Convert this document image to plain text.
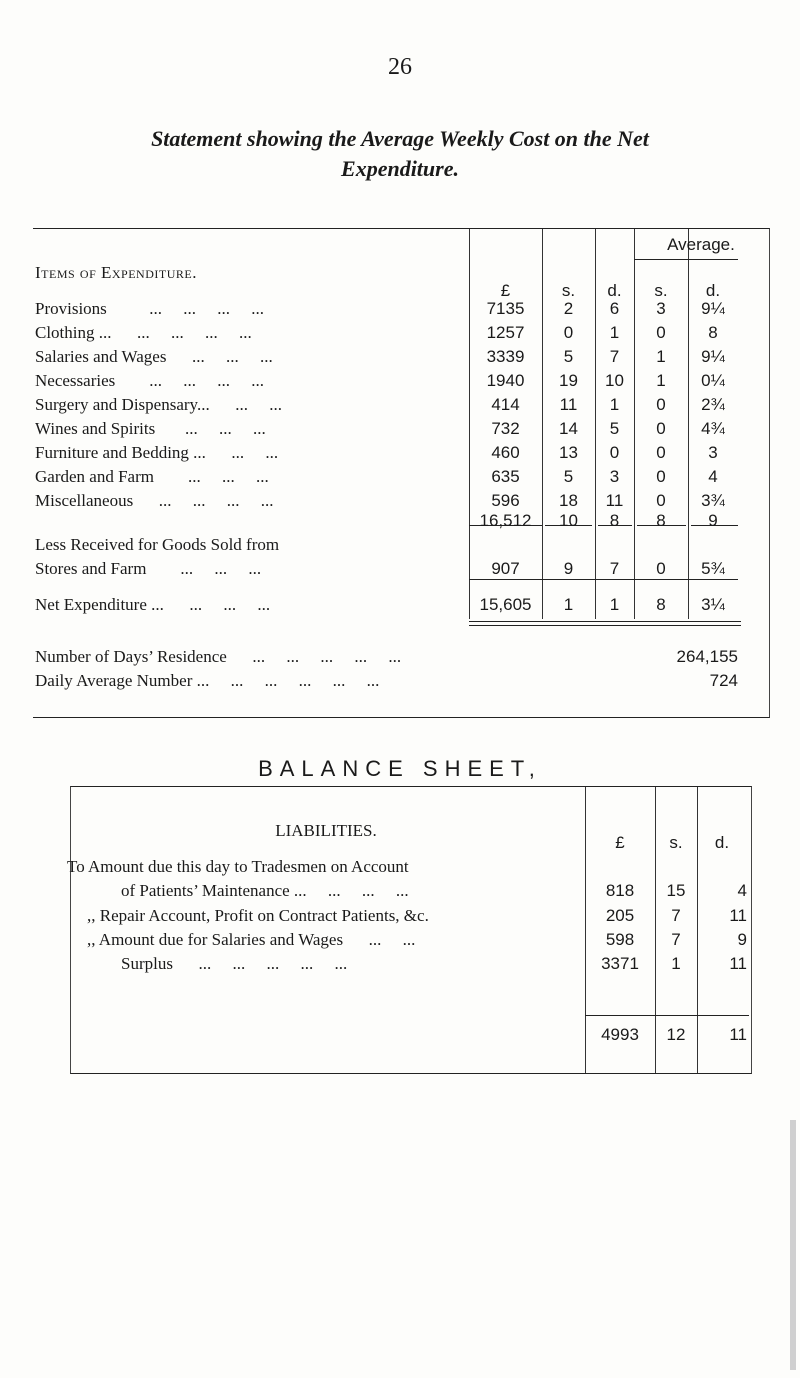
26
Statement showing the Average Weekly Cost on the Net
Expenditure.
Items of Expenditure.
Average.
£	s.	d.	s.	d.
Provisions          ...     ...     ...     ...	7135	2	6	3	9¼
Clothing ...      ...     ...     ...     ...	1257	0	1	0	8
Salaries and Wages      ...     ...     ...	3339	5	7	1	9¼
Necessaries        ...     ...     ...     ...	1940	19	10	1	0¼
Surgery and Dispensary...      ...     ...	414	11	1	0	2¾
Wines and Spirits       ...     ...     ...	732	14	5	0	4¾
Furniture and Bedding ...      ...     ...	460	13	0	0	3
Garden and Farm        ...     ...     ...	635	5	3	0	4
Miscellaneous      ...     ...     ...     ...	596	18	11	0	3¾
16,512	10	8	8	9
Less Received for Goods Sold from
Stores and Farm        ...     ...     ...	907	9	7	0	5¾
Net Expenditure ...      ...     ...     ...	15,605	1	1	8	3¼
Number of Days’ Residence      ...     ...     ...     ...     ...	264,155
Daily Average Number ...     ...     ...     ...     ...     ...	724
BALANCE SHEET,
LIABILITIES.
£	s.	d.
To Amount due this day to Tradesmen on Account
of Patients’ Maintenance ...     ...     ...     ...	818	15	4
,, Repair Account, Profit on Contract Patients, &c.	205	7	11
,, Amount due for Salaries and Wages      ...     ...	598	7	9
Surplus      ...     ...     ...     ...     ...	3371	1	11
4993	12	11
